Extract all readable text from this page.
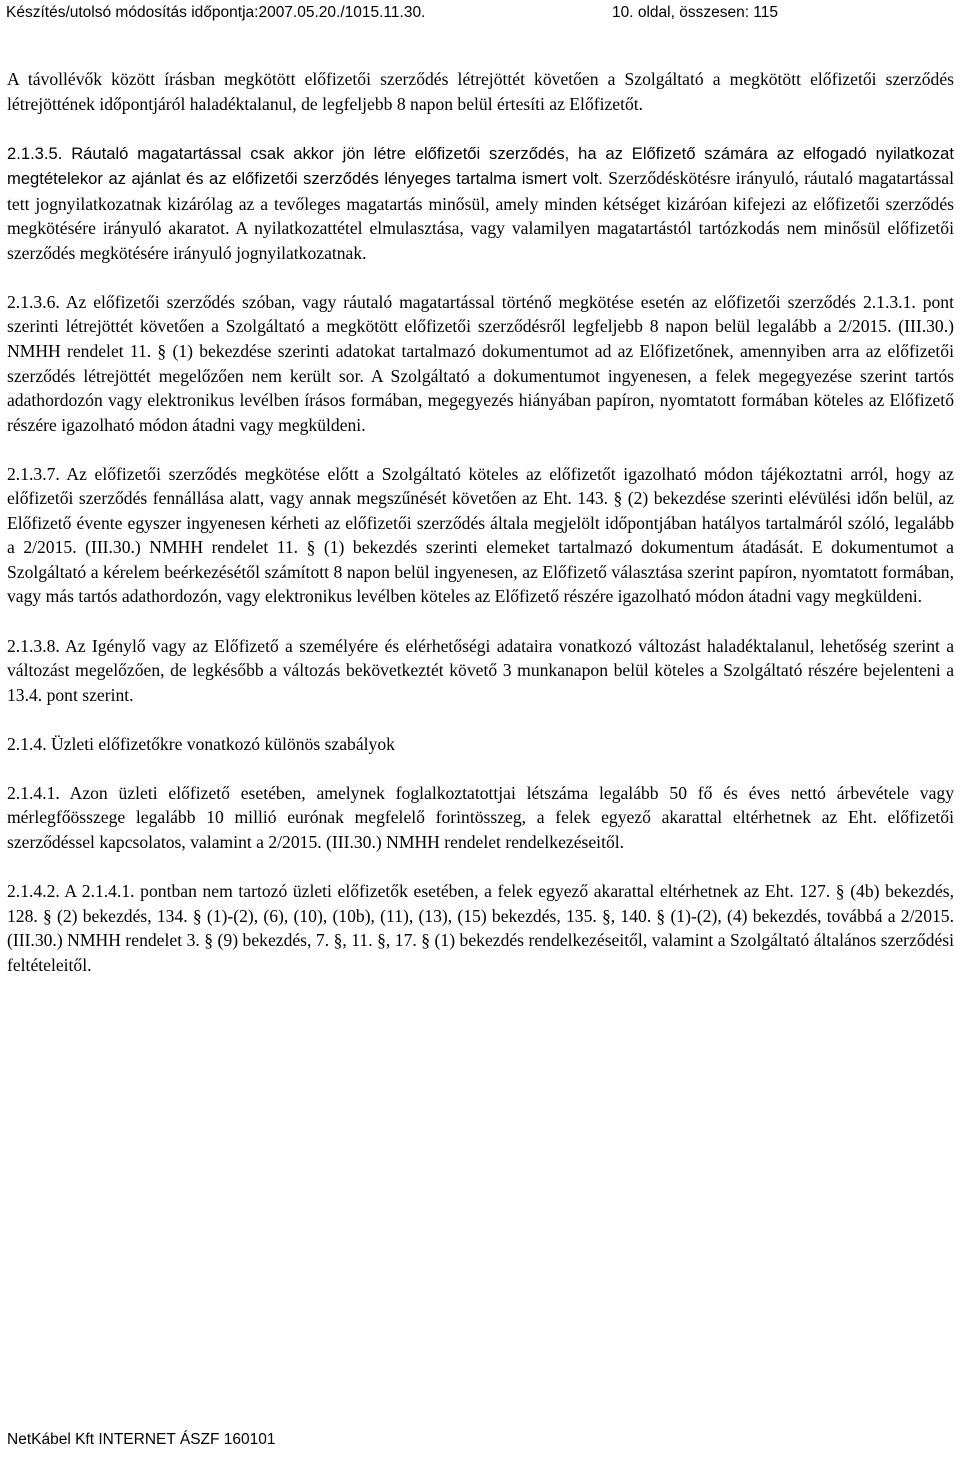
Készítés/utolsó módosítás időpontja:2007.05.20./1015.11.30.	10. oldal, összesen: 115

A távollévők között írásban megkötött előfizetői szerződés létrejöttét követően a Szolgáltató a megkötött előfizetői szerződés létrejöttének időpontjáról haladéktalanul, de legfeljebb 8 napon belül értesíti az Előfizetőt.

2.1.3.5. Ráutaló magatartással csak akkor jön létre előfizetői szerződés, ha az Előfizető számára az elfogadó nyilatkozat megtételekor az ajánlat és az előfizetői szerződés lényeges tartalma ismert volt. Szerződéskötésre irányuló, ráutaló magatartással tett jognyilatkozatnak kizárólag az a tevőleges magatartás minősül, amely minden kétséget kizáróan kifejezi az előfizetői szerződés megkötésére irányuló akaratot. A nyilatkozattétel elmulasztása, vagy valamilyen magatartástól tartózkodás nem minősül előfizetői szerződés megkötésére irányuló jognyilatkozatnak.

2.1.3.6. Az előfizetői szerződés szóban, vagy ráutaló magatartással történő megkötése esetén az előfizetői szerződés 2.1.3.1. pont szerinti létrejöttét követően a Szolgáltató a megkötött előfizetői szerződésről legfeljebb 8 napon belül legalább a 2/2015. (III.30.) NMHH rendelet 11. § (1) bekezdése szerinti adatokat tartalmazó dokumentumot ad az Előfizetőnek, amennyiben arra az előfizetői szerződés létrejöttét megelőzően nem került sor. A Szolgáltató a dokumentumot ingyenesen, a felek megegyezése szerint tartós adathordozón vagy elektronikus levélben írásos formában, megegyezés hiányában papíron, nyomtatott formában köteles az Előfizető részére igazolható módon átadni vagy megküldeni.

2.1.3.7. Az előfizetői szerződés megkötése előtt a Szolgáltató köteles az előfizetőt igazolható módon tájékoztatni arról, hogy az előfizetői szerződés fennállása alatt, vagy annak megszűnését követően az Eht. 143. § (2) bekezdése szerinti elévülési időn belül, az Előfizető évente egyszer ingyenesen kérheti az előfizetői szerződés általa megjelölt időpontjában hatályos tartalmáról szóló, legalább a 2/2015. (III.30.) NMHH rendelet 11. § (1) bekezdés szerinti elemeket tartalmazó dokumentum átadását. E dokumentumot a Szolgáltató a kérelem beérkezésétől számított 8 napon belül ingyenesen, az Előfizető választása szerint papíron, nyomtatott formában, vagy más tartós adathordozón, vagy elektronikus levélben köteles az Előfizető részére igazolható módon átadni vagy megküldeni.

2.1.3.8. Az Igénylő vagy az Előfizető a személyére és elérhetőségi adataira vonatkozó változást haladéktalanul, lehetőség szerint a változást megelőzően, de legkésőbb a változás bekövetkeztét követő 3 munkanapon belül köteles a Szolgáltató részére bejelenteni a 13.4. pont szerint.

2.1.4. Üzleti előfizetőkre vonatkozó különös szabályok

2.1.4.1. Azon üzleti előfizető esetében, amelynek foglalkoztatottjai létszáma legalább 50 fő és éves nettó árbevétele vagy mérlegfőösszege legalább 10 millió eurónak megfelelő forintösszeg, a felek egyező akarattal eltérhetnek az Eht. előfizetői szerződéssel kapcsolatos, valamint a 2/2015. (III.30.) NMHH rendelet rendelkezéseitől.

2.1.4.2. A 2.1.4.1. pontban nem tartozó üzleti előfizetők esetében, a felek egyező akarattal eltérhetnek az Eht. 127. § (4b) bekezdés, 128. § (2) bekezdés, 134. § (1)-(2), (6), (10), (10b), (11), (13), (15) bekezdés, 135. §, 140. § (1)-(2), (4) bekezdés, továbbá a 2/2015. (III.30.) NMHH rendelet 3. § (9) bekezdés, 7. §, 11. §, 17. § (1) bekezdés rendelkezéseitől, valamint a Szolgáltató általános szerződési feltételeitől.

NetKábel Kft INTERNET ÁSZF 160101
